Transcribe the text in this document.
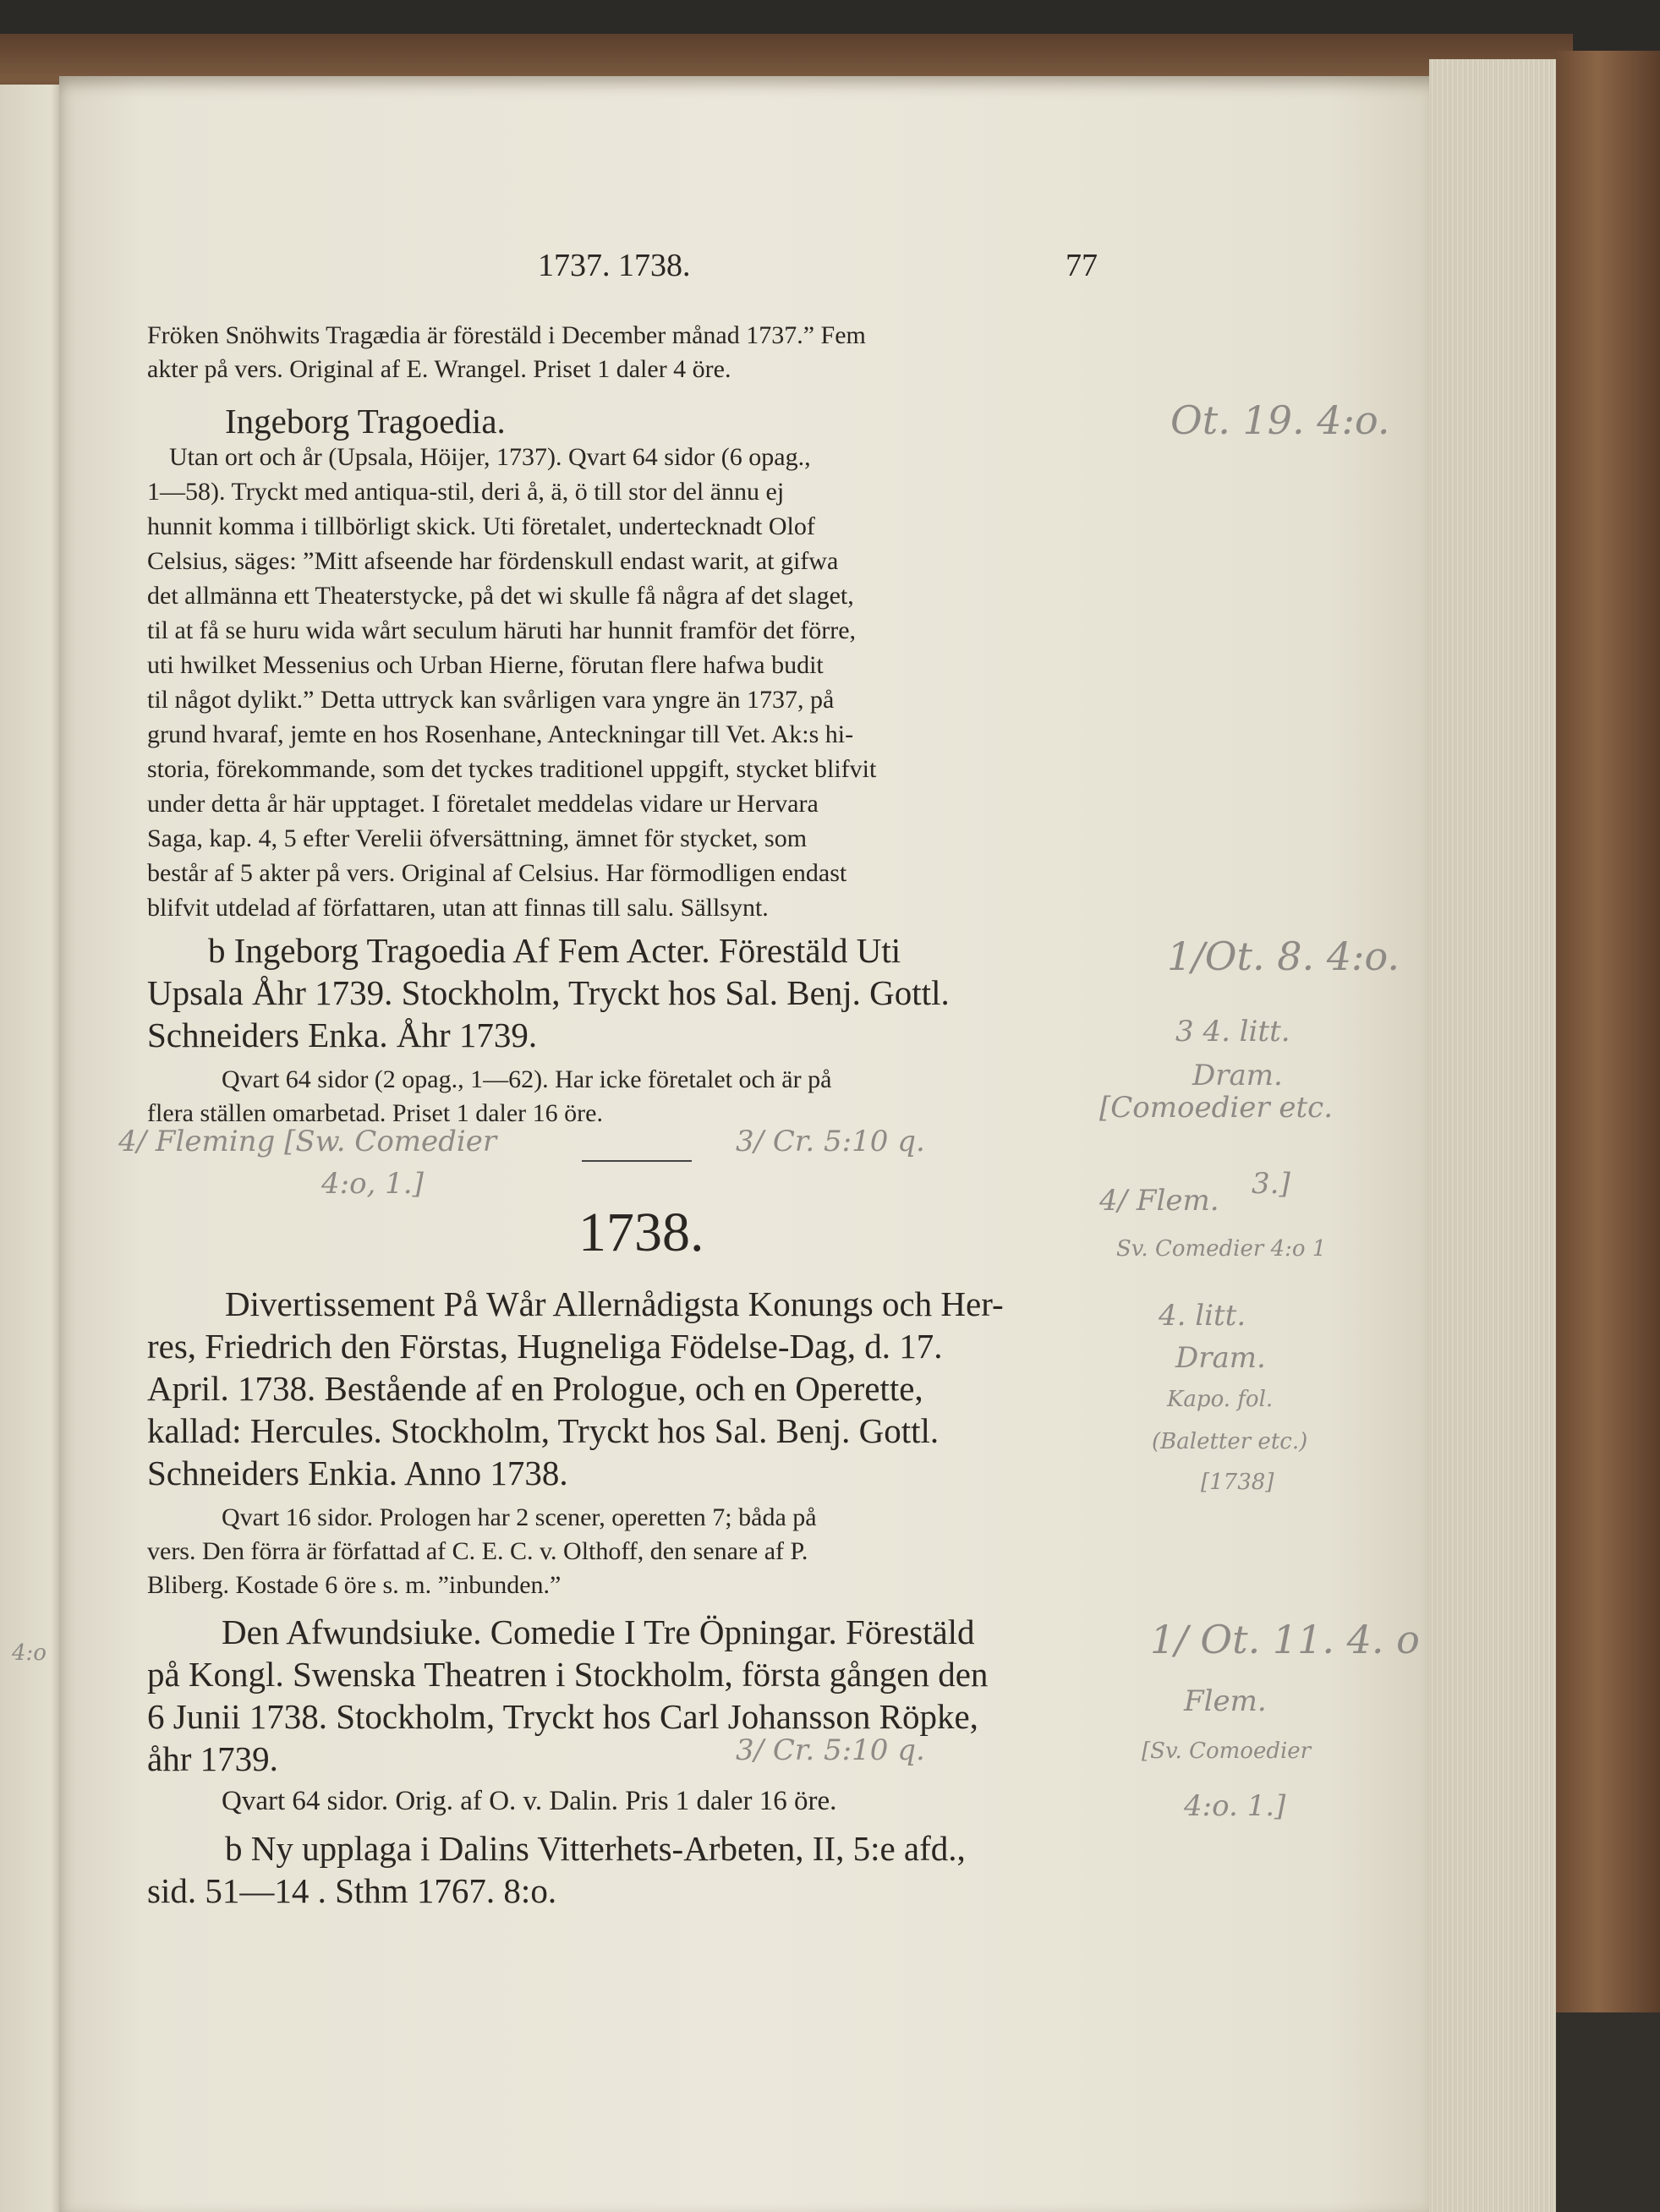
1737. 1738.	77
Fröken Snöhwits Tragædia är förestäld i December månad 1737.” Fem
akter på vers. Original af E. Wrangel. Priset 1 daler 4 öre.
Ingeborg Tragoedia.
Utan ort och år (Upsala, Höijer, 1737). Qvart 64 sidor (6 opag.,
1—58). Tryckt med antiqua-stil, deri å, ä, ö till stor del ännu ej
hunnit komma i tillbörligt skick. Uti företalet, undertecknadt Olof
Celsius, säges: ”Mitt afseende har fördenskull endast warit, at gifwa
det allmänna ett Theaterstycke, på det wi skulle få några af det slaget,
til at få se huru wida wårt seculum häruti har hunnit framför det förre,
uti hwilket Messenius och Urban Hierne, förutan flere hafwa budit
til något dylikt.” Detta uttryck kan svårligen vara yngre än 1737, på
grund hvaraf, jemte en hos Rosenhane, Anteckningar till Vet. Ak:s hi-
storia, förekommande, som det tyckes traditionel uppgift, stycket blifvit
under detta år här upptaget. I företalet meddelas vidare ur Hervara
Saga, kap. 4, 5 efter Verelii öfversättning, ämnet för stycket, som
består af 5 akter på vers. Original af Celsius. Har förmodligen endast
blifvit utdelad af författaren, utan att finnas till salu. Sällsynt.
b Ingeborg Tragoedia Af Fem Acter. Förestäld Uti
Upsala Åhr 1739. Stockholm, Tryckt hos Sal. Benj. Gottl.
Schneiders Enka. Åhr 1739.
Qvart 64 sidor (2 opag., 1—62). Har icke företalet och är på
flera ställen omarbetad. Priset 1 daler 16 öre.
1738.
Divertissement På Wår Allernådigsta Konungs och Her-
res, Friedrich den Förstas, Hugneliga Födelse-Dag, d. 17.
April. 1738. Bestående af en Prologue, och en Operette,
kallad: Hercules. Stockholm, Tryckt hos Sal. Benj. Gottl.
Schneiders Enkia. Anno 1738.
Qvart 16 sidor. Prologen har 2 scener, operetten 7; båda på
vers. Den förra är författad af C. E. C. v. Olthoff, den senare af P.
Bliberg. Kostade 6 öre s. m. ”inbunden.”
Den Afwundsiuke. Comedie I Tre Öpningar. Förestäld
på Kongl. Swenska Theatren i Stockholm, första gången den
6 Junii 1738. Stockholm, Tryckt hos Carl Johansson Röpke,
åhr 1739.
Qvart 64 sidor. Orig. af O. v. Dalin. Pris 1 daler 16 öre.
b Ny upplaga i Dalins Vitterhets-Arbeten, II, 5:e afd.,
sid. 51—14 . Sthm 1767. 8:o.
Ot. 19. 4:o.
1/Ot. 8. 4:o.
3 4. litt.
Dram.
[Comoedier etc.
3.]
4/ Fleming [Sw. Comedier
4:o, 1.]
3/ Cr. 5:10 q.
4/ Flem.
Sv. Comedier 4:o 1
4. litt.
Dram.
Kapo. fol.
(Baletter etc.)
[1738]
1/ Ot. 11. 4. o
Flem.
[Sv. Comoedier
4:o. 1.]
3/ Cr. 5:10 q.
4:o
